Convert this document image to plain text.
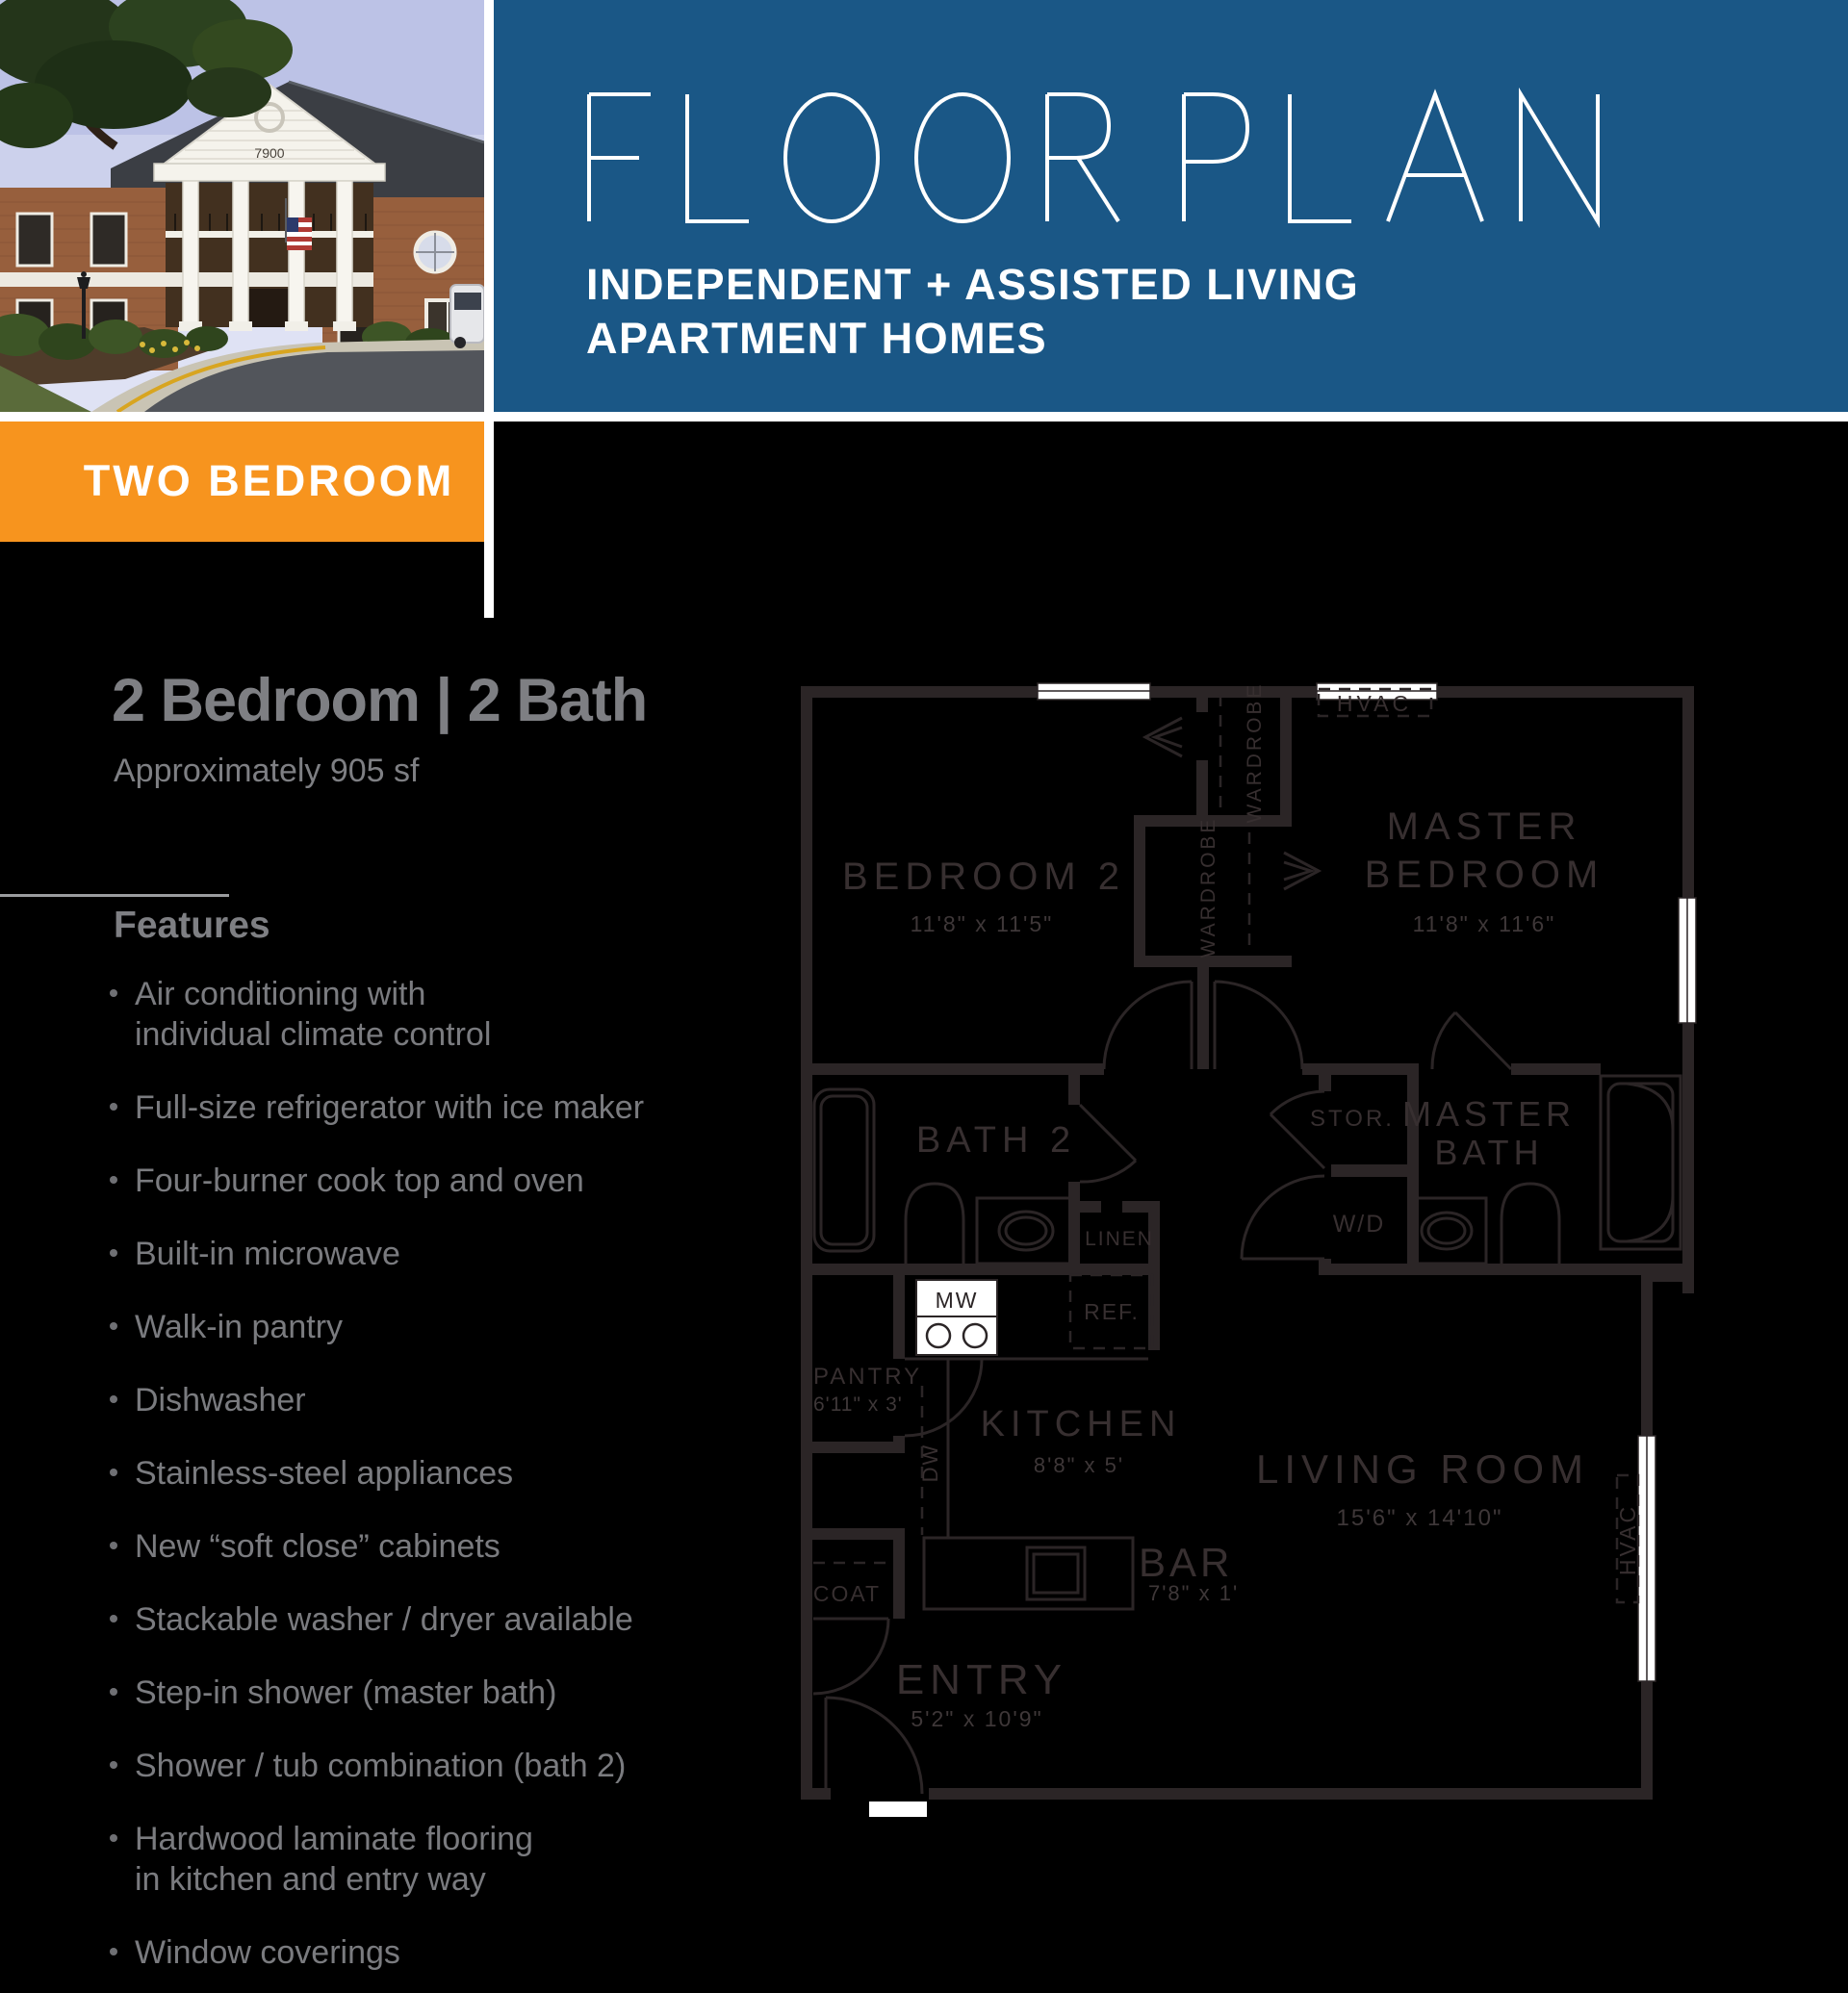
7900
INDEPENDENT + ASSISTED LIVING
APARTMENT HOMES
TWO BEDROOM
2 Bedroom | 2 Bath
Approximately 905 sf
Features
Air conditioning with
individual climate control
Full-size refrigerator with ice maker
Four-burner cook top and oven
Built-in microwave
Walk-in pantry
Dishwasher
Stainless-steel appliances
New “soft close” cabinets
Stackable washer / dryer available
Step-in shower (master bath)
Shower / tub combination (bath 2)
Hardwood laminate flooring
in kitchen and entry way
Window coverings
BEDROOM 2
11'8" x 11'5"
MASTER
BEDROOM
11'8" x 11'6"
BATH 2
MASTER
BATH
STOR.
W/D
LINEN
WARDROBE
WARDROBE
HVAC
HVAC
MW	REF.
DW
PANTRY
6'11" x 3' KITCHEN
8'8" x 5'
BAR
7'8" x 1'
COAT
ENTRY
5'2" x 10'9"
LIVING ROOM
15'6" x 14'10"
